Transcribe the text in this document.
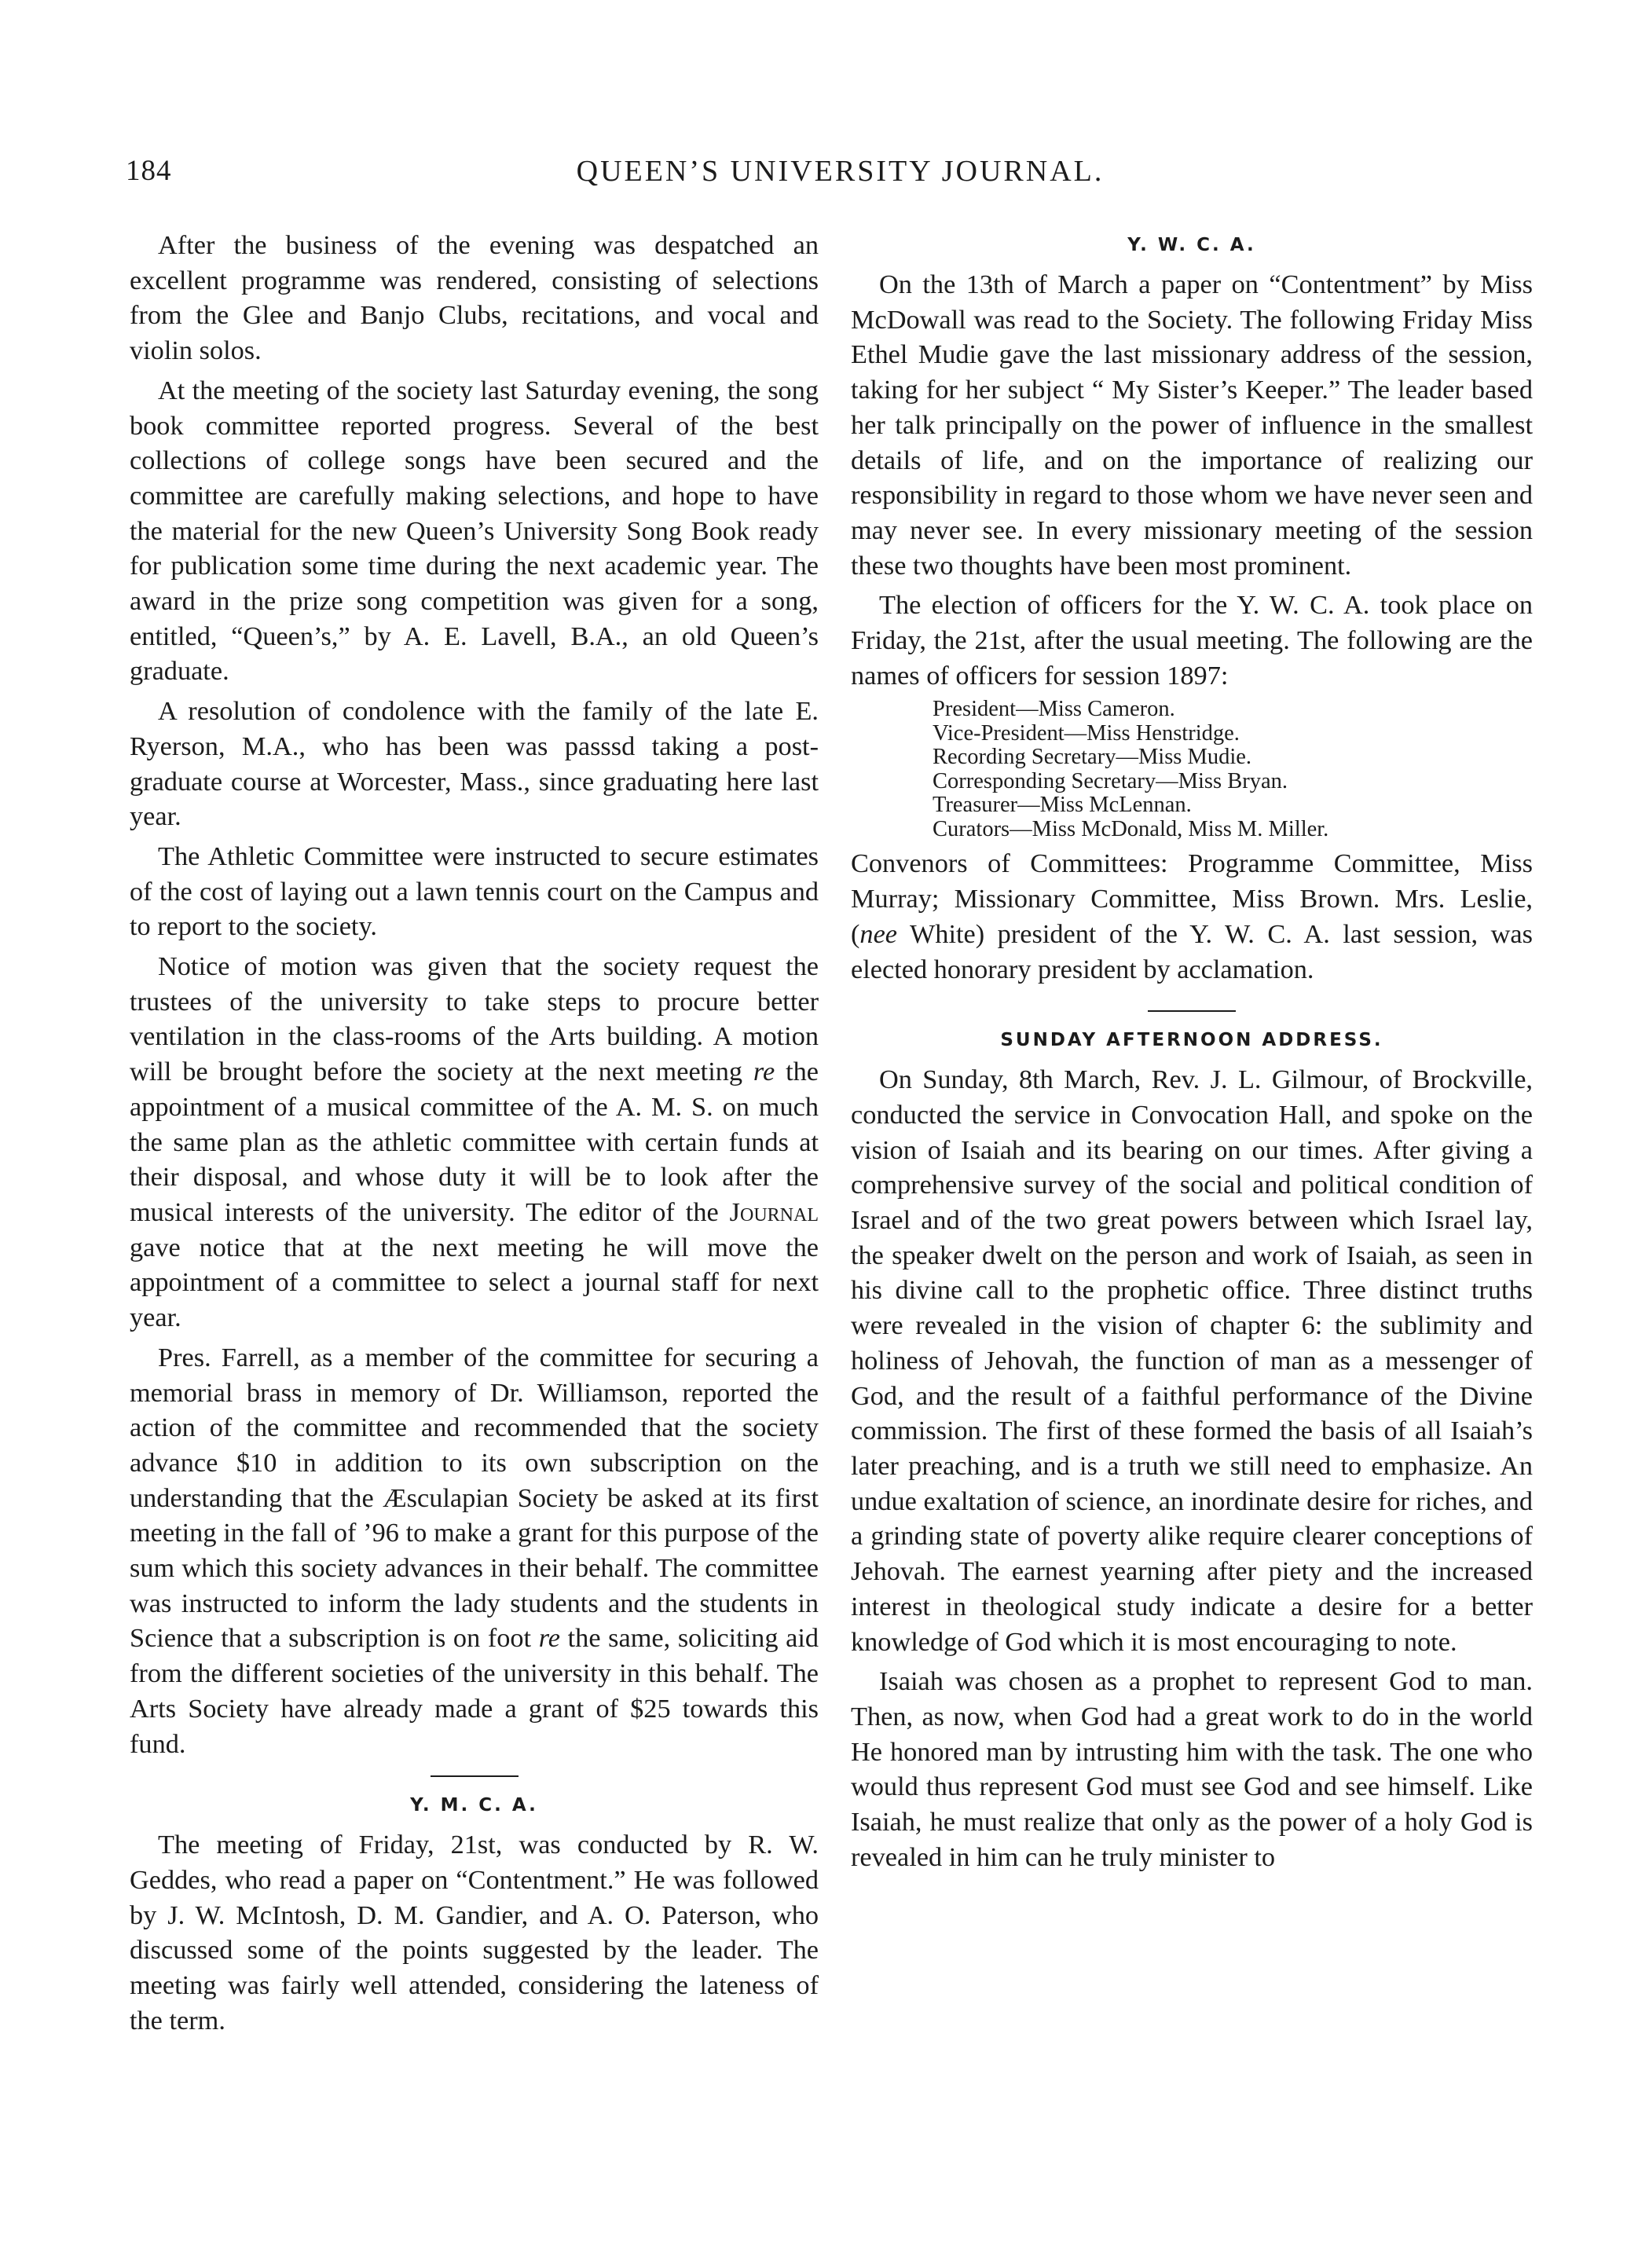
184	QUEEN’S UNIVERSITY JOURNAL.

After the business of the evening was despatched an excellent programme was rendered, consisting of selections from the Glee and Banjo Clubs, recitations, and vocal and violin solos.

At the meeting of the society last Saturday evening, the song book committee reported progress. Several of the best collections of college songs have been secured and the committee are carefully making selections, and hope to have the material for the new Queen’s University Song Book ready for publication some time during the next academic year. The award in the prize song competition was given for a song, entitled, “Queen’s,” by A. E. Lavell, B.A., an old Queen’s graduate.

A resolution of condolence with the family of the late E. Ryerson, M.A., who has been was passsd taking a post-graduate course at Worcester, Mass., since graduating here last year.

The Athletic Committee were instructed to secure estimates of the cost of laying out a lawn tennis court on the Campus and to report to the society.

Notice of motion was given that the society request the trustees of the university to take steps to procure better ventilation in the class-rooms of the Arts building. A motion will be brought before the society at the next meeting re the appointment of a musical committee of the A. M. S. on much the same plan as the athletic committee with certain funds at their disposal, and whose duty it will be to look after the musical interests of the university. The editor of the Journal gave notice that at the next meeting he will move the appointment of a committee to select a journal staff for next year.

Pres. Farrell, as a member of the committee for securing a memorial brass in memory of Dr. Williamson, reported the action of the committee and recommended that the society advance $10 in addition to its own subscription on the understanding that the Æsculapian Society be asked at its first meeting in the fall of ’96 to make a grant for this purpose of the sum which this society advances in their behalf. The committee was instructed to inform the lady students and the students in Science that a subscription is on foot re the same, soliciting aid from the different societies of the university in this behalf. The Arts Society have already made a grant of $25 towards this fund.

Y. M. C. A.

The meeting of Friday, 21st, was conducted by R. W. Geddes, who read a paper on “Contentment.” He was followed by J. W. McIntosh, D. M. Gandier, and A. O. Paterson, who discussed some of the points suggested by the leader. The meeting was fairly well attended, considering the lateness of the term.

Y. W. C. A.

On the 13th of March a paper on “Contentment” by Miss McDowall was read to the Society. The following Friday Miss Ethel Mudie gave the last missionary address of the session, taking for her subject “ My Sister’s Keeper.” The leader based her talk principally on the power of influence in the smallest details of life, and on the importance of realizing our responsibility in regard to those whom we have never seen and may never see. In every missionary meeting of the session these two thoughts have been most prominent.

The election of officers for the Y. W. C. A. took place on Friday, the 21st, after the usual meeting. The following are the names of officers for session 1897:

President—Miss Cameron.
Vice-President—Miss Henstridge.
Recording Secretary—Miss Mudie.
Corresponding Secretary—Miss Bryan.
Treasurer—Miss McLennan.
Curators—Miss McDonald, Miss M. Miller.

Convenors of Committees: Programme Committee, Miss Murray; Missionary Committee, Miss Brown. Mrs. Leslie, (nee White) president of the Y. W. C. A. last session, was elected honorary president by acclamation.

SUNDAY AFTERNOON ADDRESS.

On Sunday, 8th March, Rev. J. L. Gilmour, of Brockville, conducted the service in Convocation Hall, and spoke on the vision of Isaiah and its bearing on our times. After giving a comprehensive survey of the social and political condition of Israel and of the two great powers between which Israel lay, the speaker dwelt on the person and work of Isaiah, as seen in his divine call to the prophetic office. Three distinct truths were revealed in the vision of chapter 6: the sublimity and holiness of Jehovah, the function of man as a messenger of God, and the result of a faithful performance of the Divine commission. The first of these formed the basis of all Isaiah’s later preaching, and is a truth we still need to emphasize. An undue exaltation of science, an inordinate desire for riches, and a grinding state of poverty alike require clearer conceptions of Jehovah. The earnest yearning after piety and the increased interest in theological study indicate a desire for a better knowledge of God which it is most encouraging to note.

Isaiah was chosen as a prophet to represent God to man. Then, as now, when God had a great work to do in the world He honored man by intrusting him with the task. The one who would thus represent God must see God and see himself. Like Isaiah, he must realize that only as the power of a holy God is revealed in him can he truly minister to
